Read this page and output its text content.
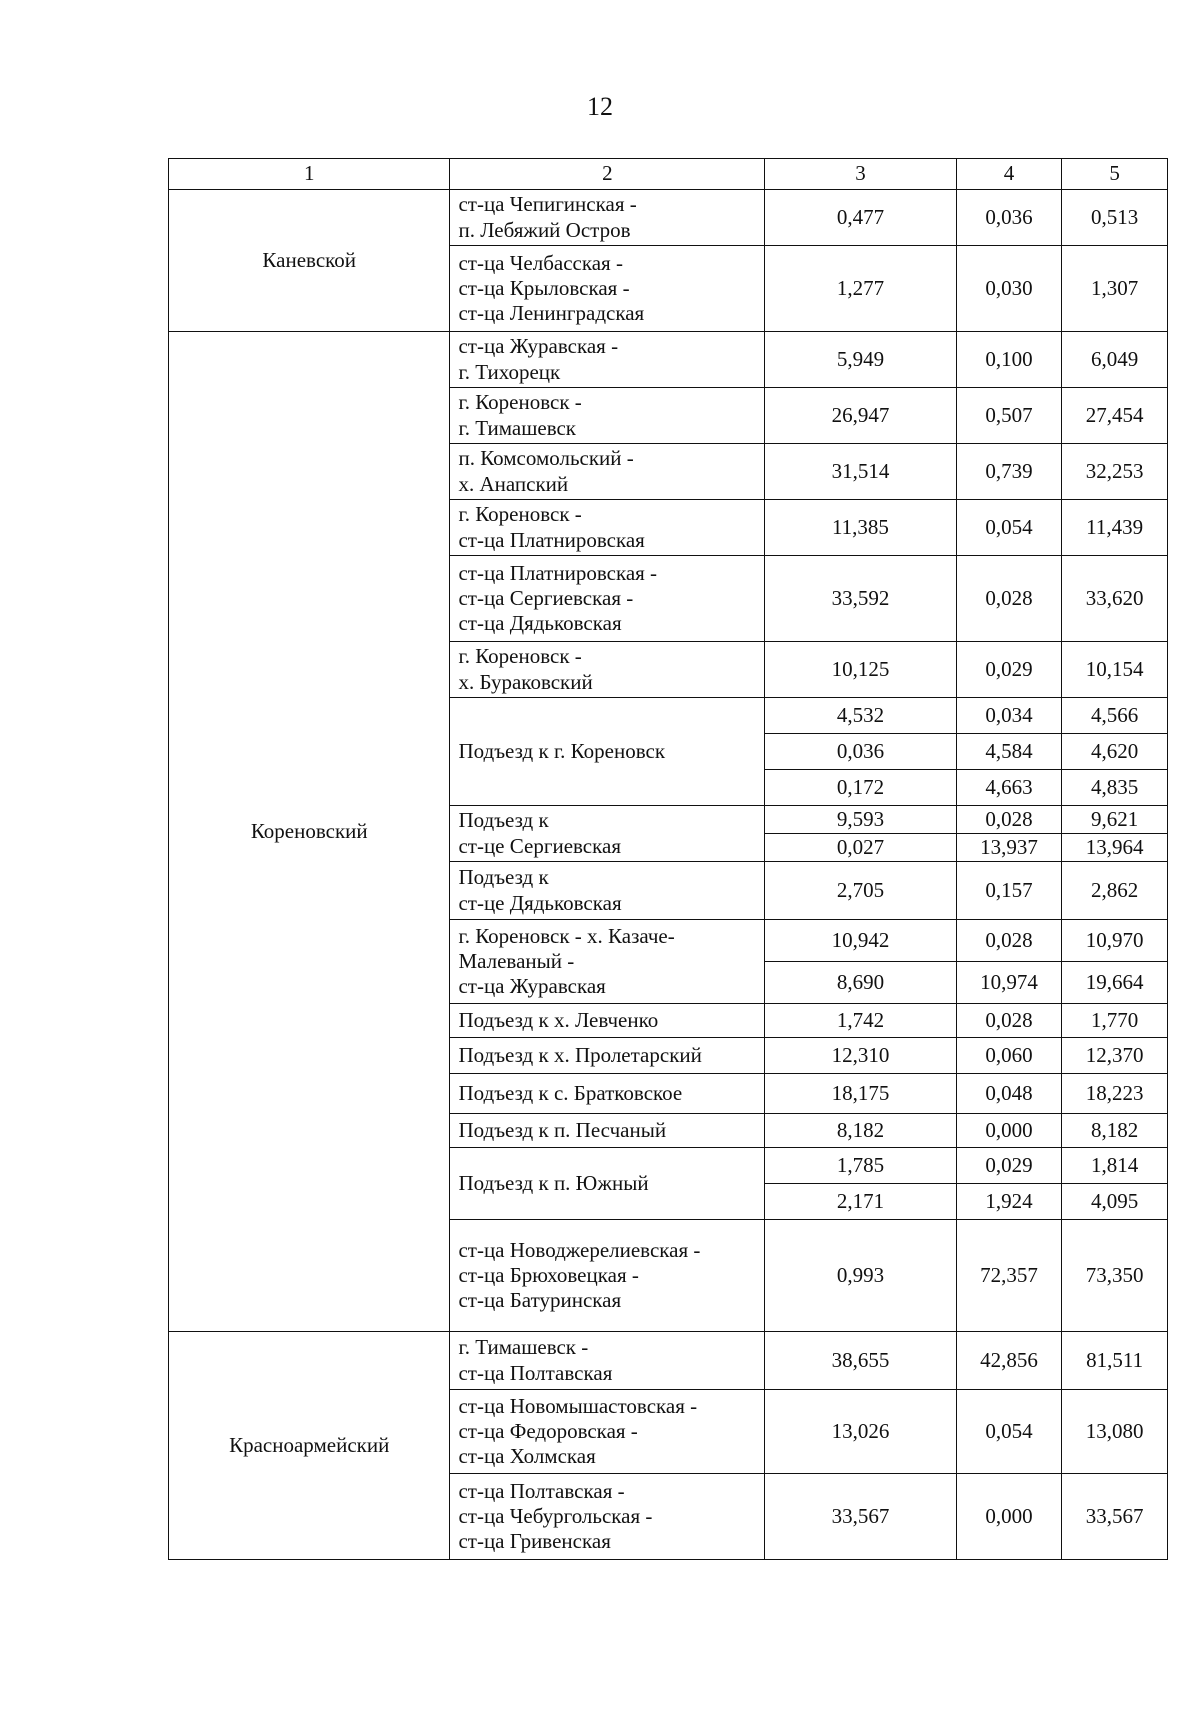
12
1	2	3	4	5
Каневской	ст-ца Чепигинская -
п. Лебяжий Остров	0,477	0,036	0,513

	ст-ца Челбасская -
ст-ца Крыловская -
ст-ца Ленинградская	1,277	0,030	1,307
Кореновский	ст-ца Журавская -
г. Тихорецк	5,949	0,100	6,049

	г. Кореновск -
г. Тимашевск	26,947	0,507	27,454

	п. Комсомольский -
х. Анапский	31,514	0,739	32,253

	г. Кореновск -
ст-ца Платнировская	11,385	0,054	11,439

	ст-ца Платнировская -
ст-ца Сергиевская -
ст-ца Дядьковская	33,592	0,028	33,620

	г. Кореновск -
х. Бураковский	10,125	0,029	10,154

	Подъезд к г. Кореновск	4,532	0,034	4,566
		0,036	4,584	4,620
		0,172	4,663	4,835

	Подъезд к
ст-це Сергиевская	9,593	0,028	9,621
		0,027	13,937	13,964

	Подъезд к
ст-це Дядьковская	2,705	0,157	2,862

	г. Кореновск - х. Казаче-
Малеваный -
ст-ца Журавская	10,942	0,028	10,970
		8,690	10,974	19,664

	Подъезд к х. Левченко	1,742	0,028	1,770

	Подъезд к х. Пролетарский	12,310	0,060	12,370

	Подъезд к с. Братковское	18,175	0,048	18,223

	Подъезд к п. Песчаный	8,182	0,000	8,182

	Подъезд к п. Южный	1,785	0,029	1,814
		2,171	1,924	4,095

	ст-ца Новоджерелиевская -
ст-ца Брюховецкая -
ст-ца Батуринская	0,993	72,357	73,350
Красноармейский	г. Тимашевск -
ст-ца Полтавская	38,655	42,856	81,511

	ст-ца Новомышастовская -
ст-ца Федоровская -
ст-ца Холмская	13,026	0,054	13,080

	ст-ца Полтавская -
ст-ца Чебургольская -
ст-ца Гривенская	33,567	0,000	33,567
